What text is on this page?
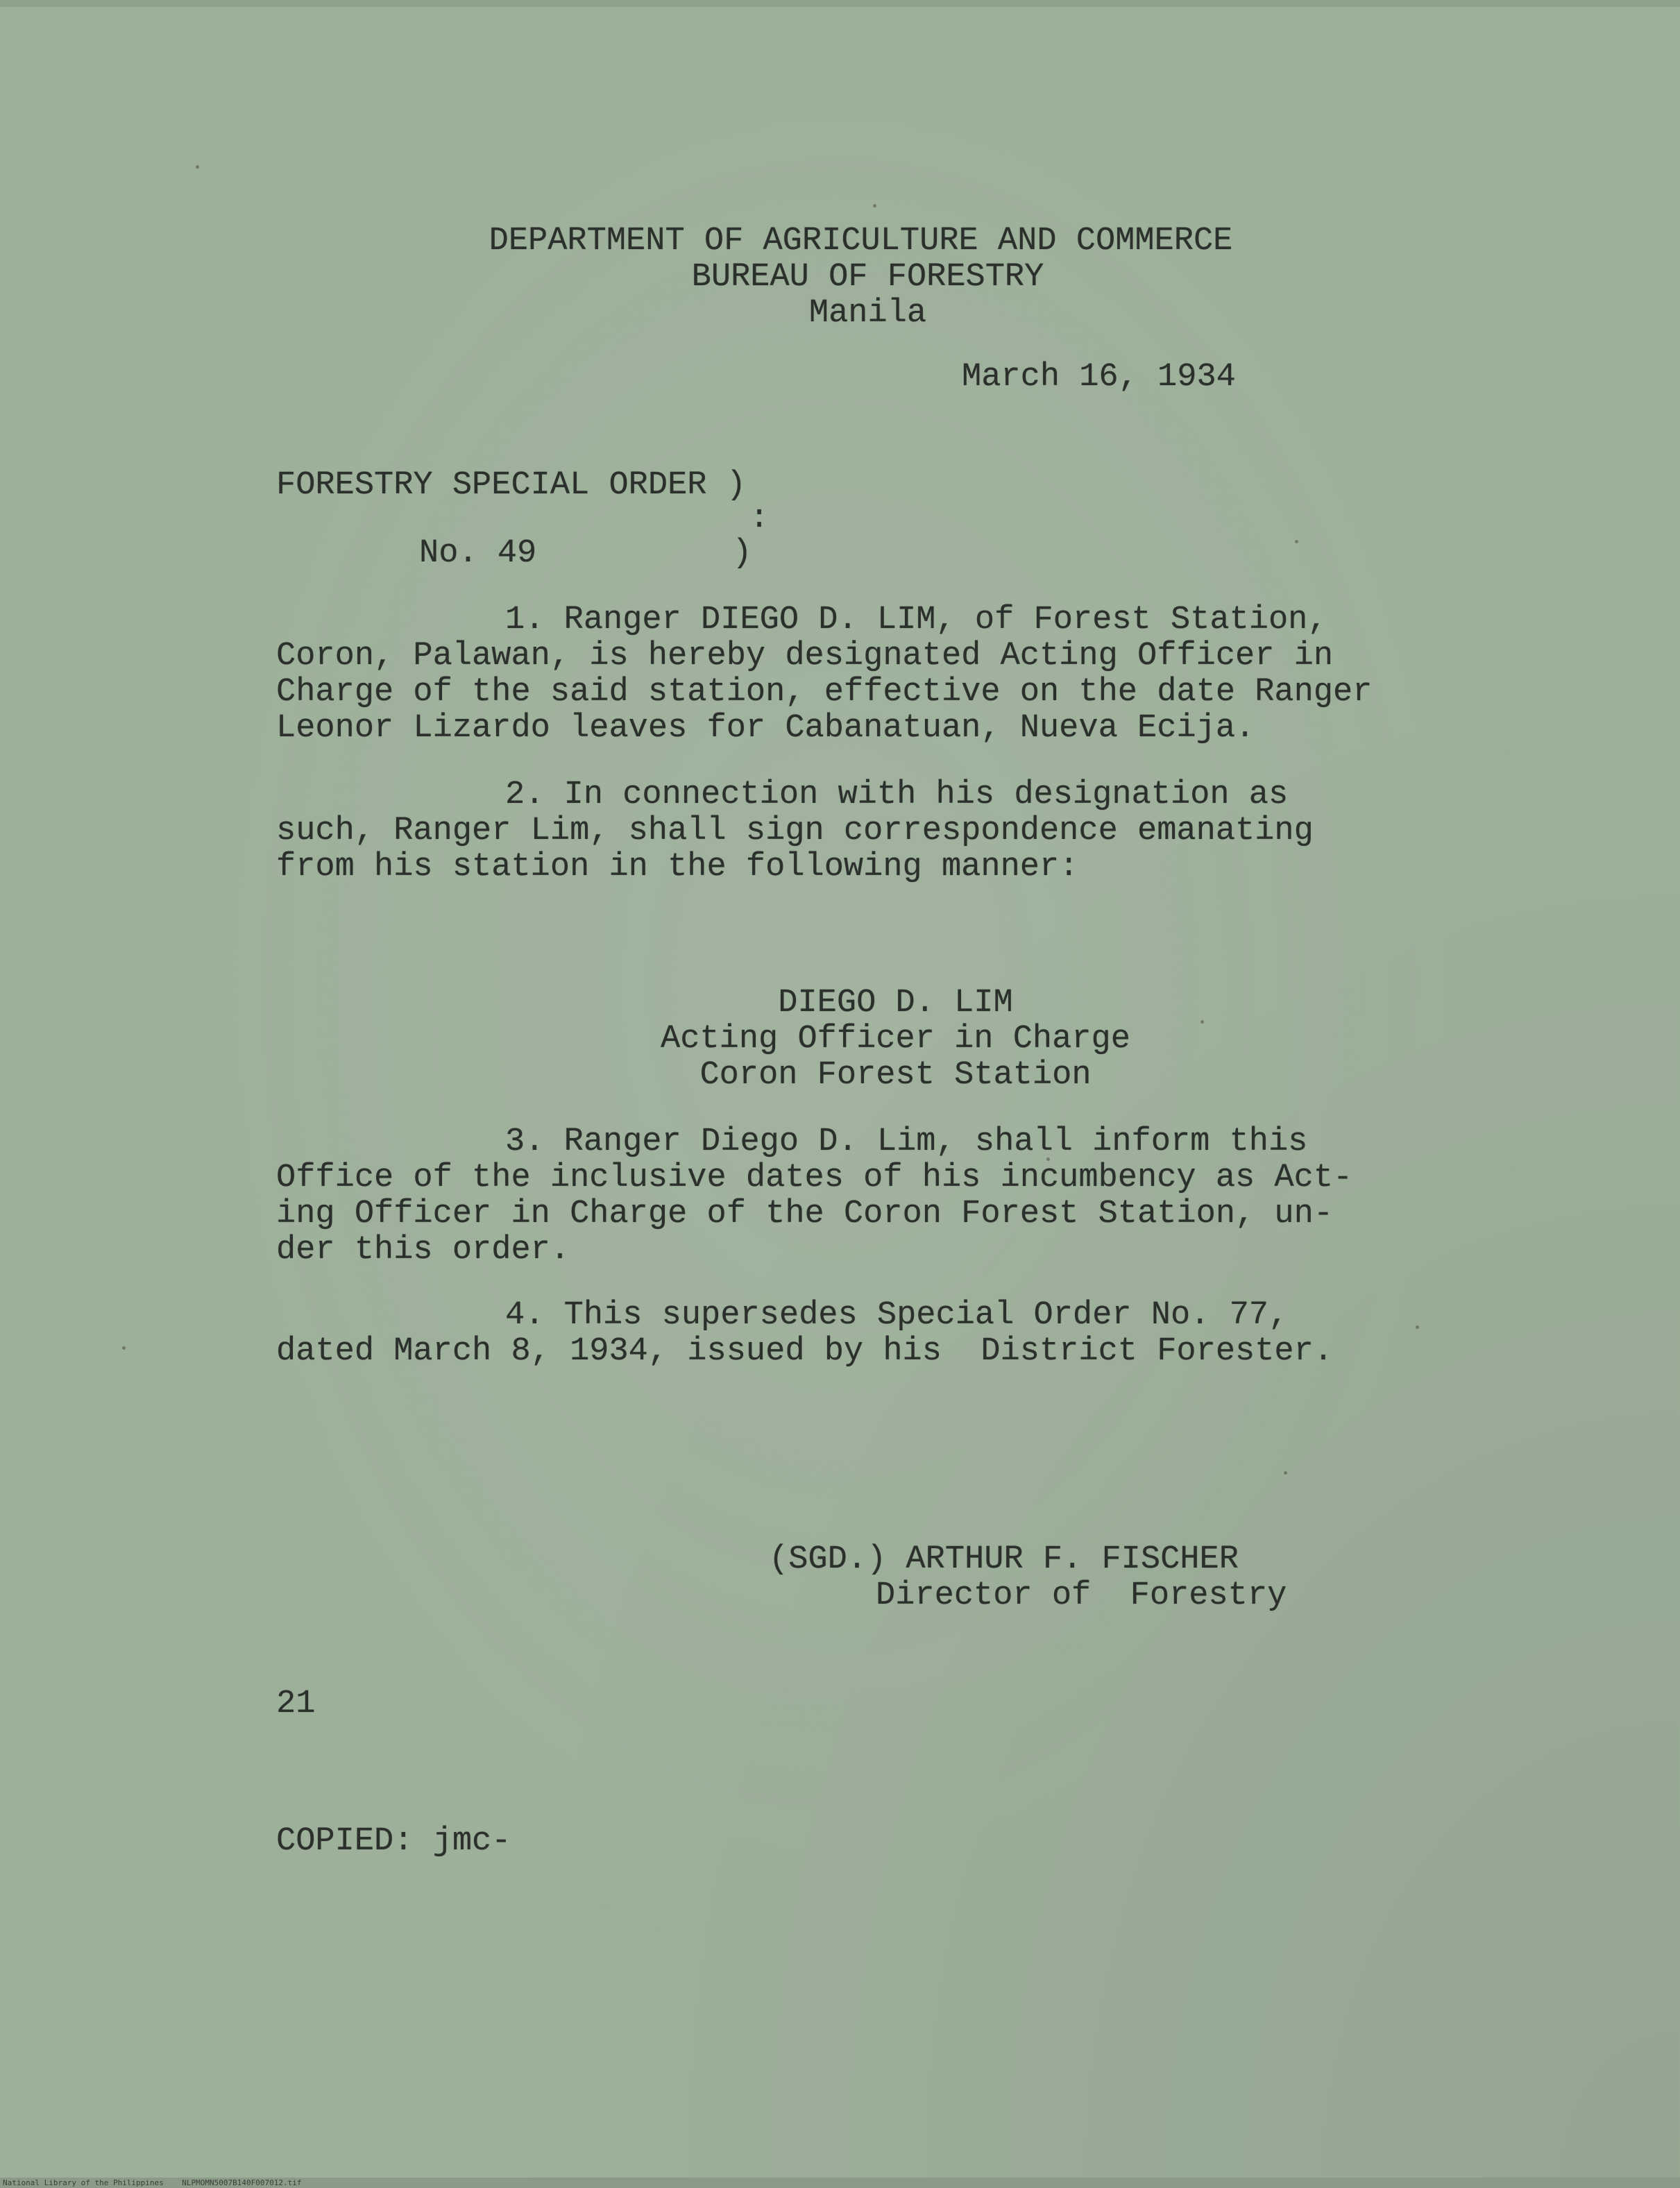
DEPARTMENT OF AGRICULTURE AND COMMERCE
BUREAU OF FORESTRY
Manila
March 16, 1934
FORESTRY SPECIAL ORDER )
:
No. 49          )
1. Ranger DIEGO D. LIM, of Forest Station,
Coron, Palawan, is hereby designated Acting Officer in
Charge of the said station, effective on the date Ranger
Leonor Lizardo leaves for Cabanatuan, Nueva Ecija.
2. In connection with his designation as
such, Ranger Lim, shall sign correspondence emanating
from his station in the following manner:
DIEGO D. LIM
Acting Officer in Charge
Coron Forest Station
3. Ranger Diego D. Lim, shall inform this
Office of the inclusive dates of his incumbency as Act-
ing Officer in Charge of the Coron Forest Station, un-
der this order.
4. This supersedes Special Order No. 77,
dated March 8, 1934, issued by his  District Forester.
(SGD.) ARTHUR F. FISCHER
Director of  Forestry
21
COPIED: jmc-
National Library of the Philippines    NLPMOMN5007B140F007012.tif
